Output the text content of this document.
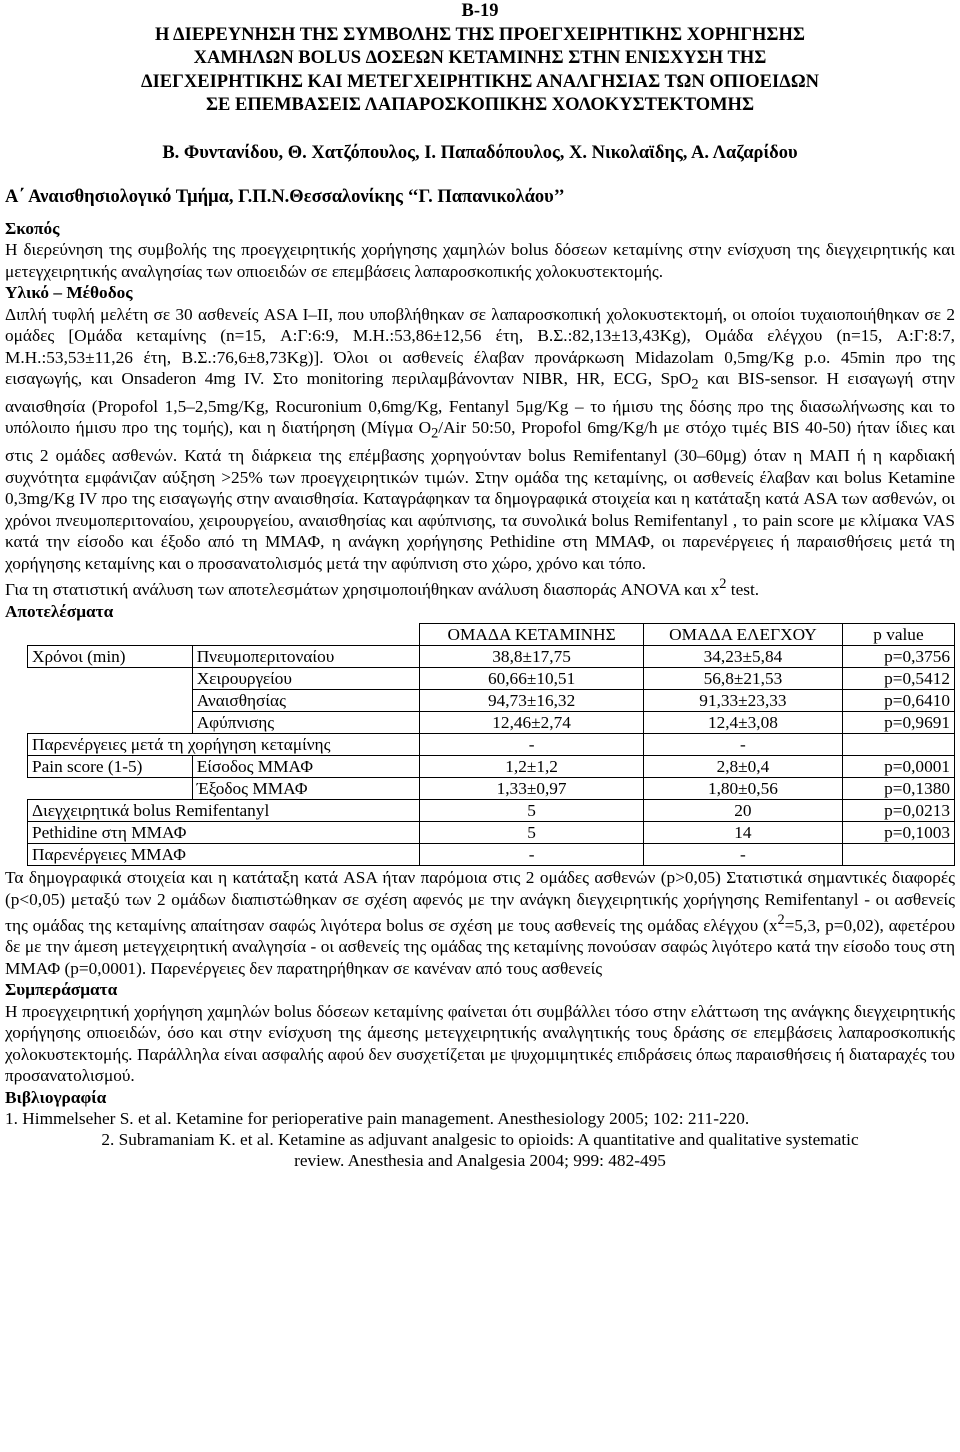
Β-19
Η ΔΙΕΡΕΥΝΗΣΗ ΤΗΣ ΣΥΜΒΟΛΗΣ ΤΗΣ ΠΡΟΕΓΧΕΙΡΗΤΙΚΗΣ ΧΟΡΗΓΗΣΗΣ
ΧΑΜΗΛΩΝ BOLUS ΔΟΣΕΩΝ ΚΕΤΑΜΙΝΗΣ ΣΤΗΝ ΕΝΙΣΧΥΣΗ ΤΗΣ
ΔΙΕΓΧΕΙΡΗΤΙΚΗΣ ΚΑΙ ΜΕΤΕΓΧΕΙΡΗΤΙΚΗΣ ΑΝΑΛΓΗΣΙΑΣ ΤΩΝ ΟΠΙΟΕΙΔΩΝ
ΣΕ ΕΠΕΜΒΑΣΕΙΣ ΛΑΠΑΡΟΣΚΟΠΙΚΗΣ ΧΟΛΟΚΥΣΤΕΚΤΟΜΗΣ
Β. Φυντανίδου, Θ. Χατζόπουλος, Ι. Παπαδόπουλος, Χ. Νικολαϊδης, Α. Λαζαρίδου
Α΄ Αναισθησιολογικό Τμήμα, Γ.Π.Ν.Θεσσαλονίκης ‘‘Γ. Παπανικολάου’’
Σκοπός
Η διερεύνηση της συμβολής της προεγχειρητικής χορήγησης χαμηλών bolus δόσεων κεταμίνης στην ενίσχυση της διεγχειρητικής και μετεγχειρητικής αναλγησίας των οπιοειδών σε επεμβάσεις λαπαροσκοπικής χολοκυστεκτομής.
Υλικό – Μέθοδος
Διπλή τυφλή μελέτη σε 30 ασθενείς ASA I–II, που υποβλήθηκαν σε λαπαροσκοπική χολοκυστεκτομή, οι οποίοι τυχαιοποιήθηκαν σε 2 ομάδες [Ομάδα κεταμίνης (n=15, Α:Γ:6:9, Μ.Η.:53,86±12,56 έτη, Β.Σ.:82,13±13,43Kg), Ομάδα ελέγχου (n=15, Α:Γ:8:7, Μ.Η.:53,53±11,26 έτη, Β.Σ.:76,6±8,73Kg)]. Όλοι οι ασθενείς έλαβαν προνάρκωση Midazolam 0,5mg/Kg p.o. 45min προ της εισαγωγής, και Onsaderon 4mg IV. Στο monitoring περιλαμβάνονταν NIBR, HR, ECG, SpO$_2$ και BIS-sensor. Η εισαγωγή στην αναισθησία (Propofol 1,5–2,5mg/Kg, Rocuronium 0,6mg/Kg, Fentanyl 5μg/Kg – το ήμισυ της δόσης προ της διασωλήνωσης και το υπόλοιπο ήμισυ προ της τομής), και η διατήρηση (Μίγμα $O_2$/Air 50:50, Propofol 6mg/Kg/h με στόχο τιμές BIS 40-50) ήταν ίδιες και στις 2 ομάδες ασθενών. Κατά τη διάρκεια της επέμβασης χορηγούνταν bolus Remifentanyl (30–60μg) όταν η ΜΑΠ ή η καρδιακή συχνότητα εμφάνιζαν αύξηση >25% των προεγχειρητικών τιμών. Στην ομάδα της κεταμίνης, οι ασθενείς έλαβαν και bolus Ketamine 0,3mg/Kg IV προ της εισαγωγής στην αναισθησία. Καταγράφηκαν τα δημογραφικά στοιχεία και η κατάταξη κατά ASA των ασθενών, οι χρόνοι πνευμοπεριτοναίου, χειρουργείου, αναισθησίας και αφύπνισης, τα συνολικά bolus Remifentanyl , το pain score με κλίμακα VAS κατά την είσοδο και έξοδο από τη ΜΜΑΦ, η ανάγκη χορήγησης Pethidine στη ΜΜΑΦ, οι παρενέργειες ή παραισθήσεις μετά τη χορήγησης κεταμίνης και ο προσανατολισμός μετά την αφύπνιση στο χώρο, χρόνο και τόπο.
Για τη στατιστική ανάλυση των αποτελεσμάτων χρησιμοποιήθηκαν ανάλυση διασποράς ANOVA και $x^2$ test.
Αποτελέσματα
		ΟΜΑΔΑ ΚΕΤΑΜΙΝΗΣ	ΟΜΑΔΑ ΕΛΕΓΧΟΥ	p value
Χρόνοι (min)	Πνευμοπεριτοναίου	38,8±17,75	34,23±5,84	p=0,3756
	Χειρουργείου	60,66±10,51	56,8±21,53	p=0,5412
	Αναισθησίας	94,73±16,32	91,33±23,33	p=0,6410
	Αφύπνισης	12,46±2,74	12,4±3,08	p=0,9691
Παρενέργειες μετά τη χορήγηση κεταμίνης		-	-	
Pain score (1-5)	Είσοδος ΜΜΑΦ	1,2±1,2	2,8±0,4	p=0,0001
	Έξοδος ΜΜΑΦ	1,33±0,97	1,80±0,56	p=0,1380
Διεγχειρητικά bolus Remifentanyl		5	20	p=0,0213
Pethidine στη ΜΜΑΦ		5	14	p=0,1003
Παρενέργειες ΜΜΑΦ		-	-	
Τα δημογραφικά στοιχεία και η κατάταξη κατά ASA ήταν παρόμοια στις 2 ομάδες ασθενών (p>0,05) Στατιστικά σημαντικές διαφορές (p<0,05) μεταξύ των 2 ομάδων διαπιστώθηκαν σε σχέση αφενός με την ανάγκη διεγχειρητικής χορήγησης Remifentanyl - οι ασθενείς της ομάδας της κεταμίνης απαίτησαν σαφώς λιγότερα bolus σε σχέση με τους ασθενείς της ομάδας ελέγχου ($x^2=5,3$, p=0,02), αφετέρου δε με την άμεση μετεγχειρητική αναλγησία - οι ασθενείς της ομάδας της κεταμίνης πονούσαν σαφώς λιγότερο κατά την είσοδο τους στη ΜΜΑΦ (p=0,0001). Παρενέργειες δεν παρατηρήθηκαν σε κανέναν από τους ασθενείς
Συμπεράσματα
Η προεγχειρητική χορήγηση χαμηλών bolus δόσεων κεταμίνης φαίνεται ότι συμβάλλει τόσο στην ελάττωση της ανάγκης διεγχειρητικής χορήγησης οπιοειδών, όσο και στην ενίσχυση της άμεσης μετεγχειρητικής αναλγητικής τους δράσης σε επεμβάσεις λαπαροσκοπικής χολοκυστεκτομής. Παράλληλα είναι ασφαλής αφού δεν συσχετίζεται με ψυχομιμητικές επιδράσεις όπως παραισθήσεις ή διαταραχές του προσανατολισμού.
Βιβλιογραφία
1. Himmelseher S. et al. Ketamine for perioperative pain management. Anesthesiology 2005; 102: 211-220.
2. Subramaniam K. et al. Ketamine as adjuvant analgesic to opioids: A quantitative and qualitative systematic
review. Anesthesia and Analgesia 2004; 999: 482-495
